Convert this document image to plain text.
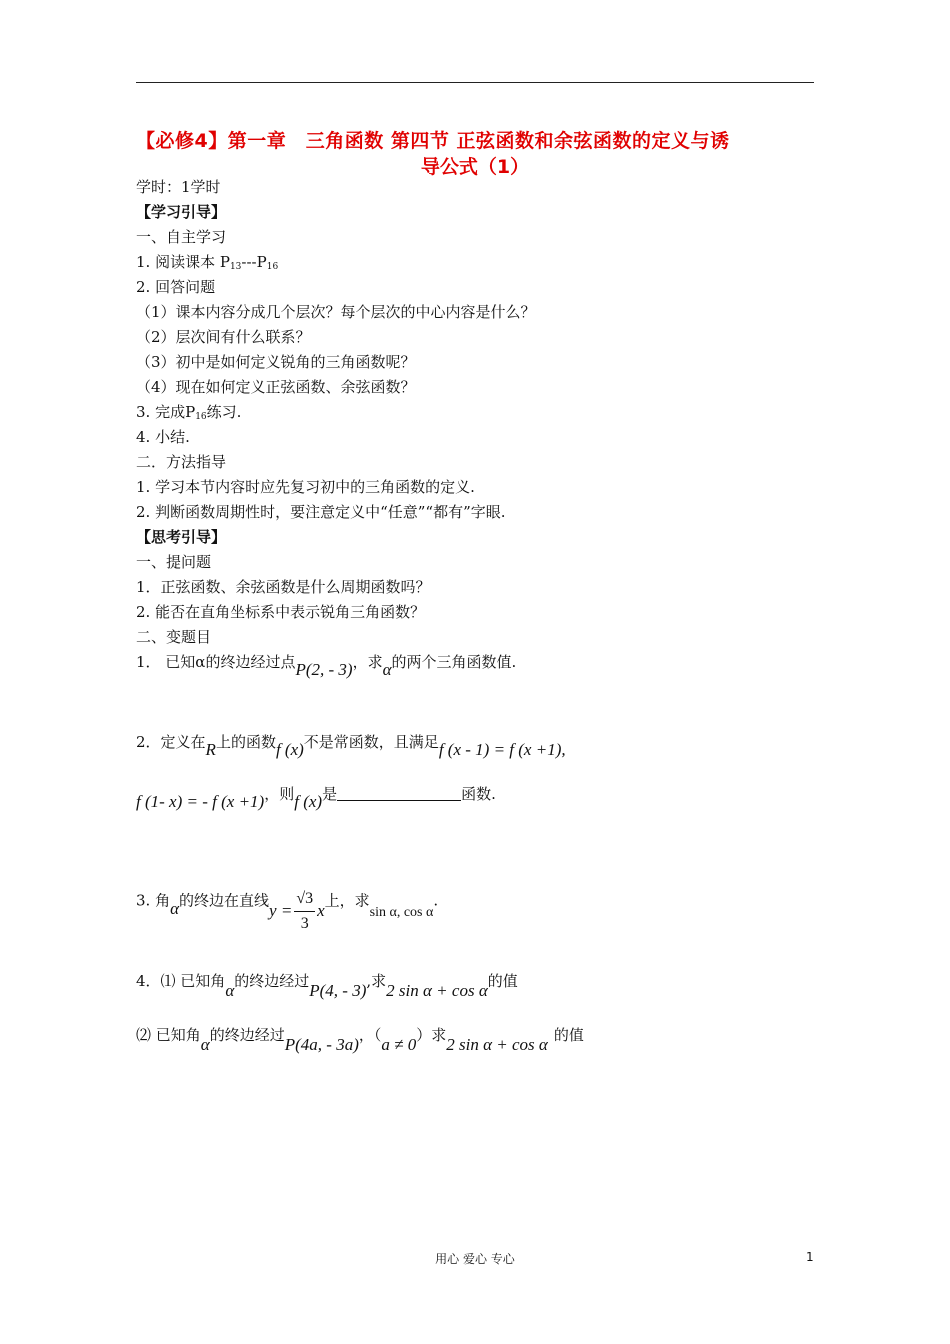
【必修4】第一章　三角函数 第四节 正弦函数和余弦函数的定义与诱
导公式（1）
学时：1学时
【学习引导】
一、自主学习
1. 阅读课本 $P_{13}---P_{16}$
2. 回答问题
（1）课本内容分成几个层次？每个层次的中心内容是什么？
（2）层次间有什么联系？
（3）初中是如何定义锐角的三角函数呢？
（4）现在如何定义正弦函数、余弦函数？
3. 完成$P_{16}$练习.
4. 小结.
二．方法指导
1. 学习本节内容时应先复习初中的三角函数的定义.
2. 判断函数周期性时，要注意定义中“任意”“都有”字眼.
【思考引导】
一、提问题
1．正弦函数、余弦函数是什么周期函数吗？
2. 能否在直角坐标系中表示锐角三角函数？
二、变题目
1． 已知α的终边经过点P(2, - 3)，求α的两个三角函数值.
2．定义在R上的函数f (x)不是常函数，且满足f (x - 1) = f (x +1),
f (1- x) = - f (x +1)，则f (x)是	函数.
3. 角α的终边在直线$y = \frac{√3}{3}$ x上，求sin α, cos α.
4．⑴ 已知角α的终边经过P(4, - 3),求2 sin α + cos α的值
⑵ 已知角α的终边经过P(4a, - 3a)，（a ≠ 0）求2 sin α + cos α 的值
用心 爱心 专心	1
